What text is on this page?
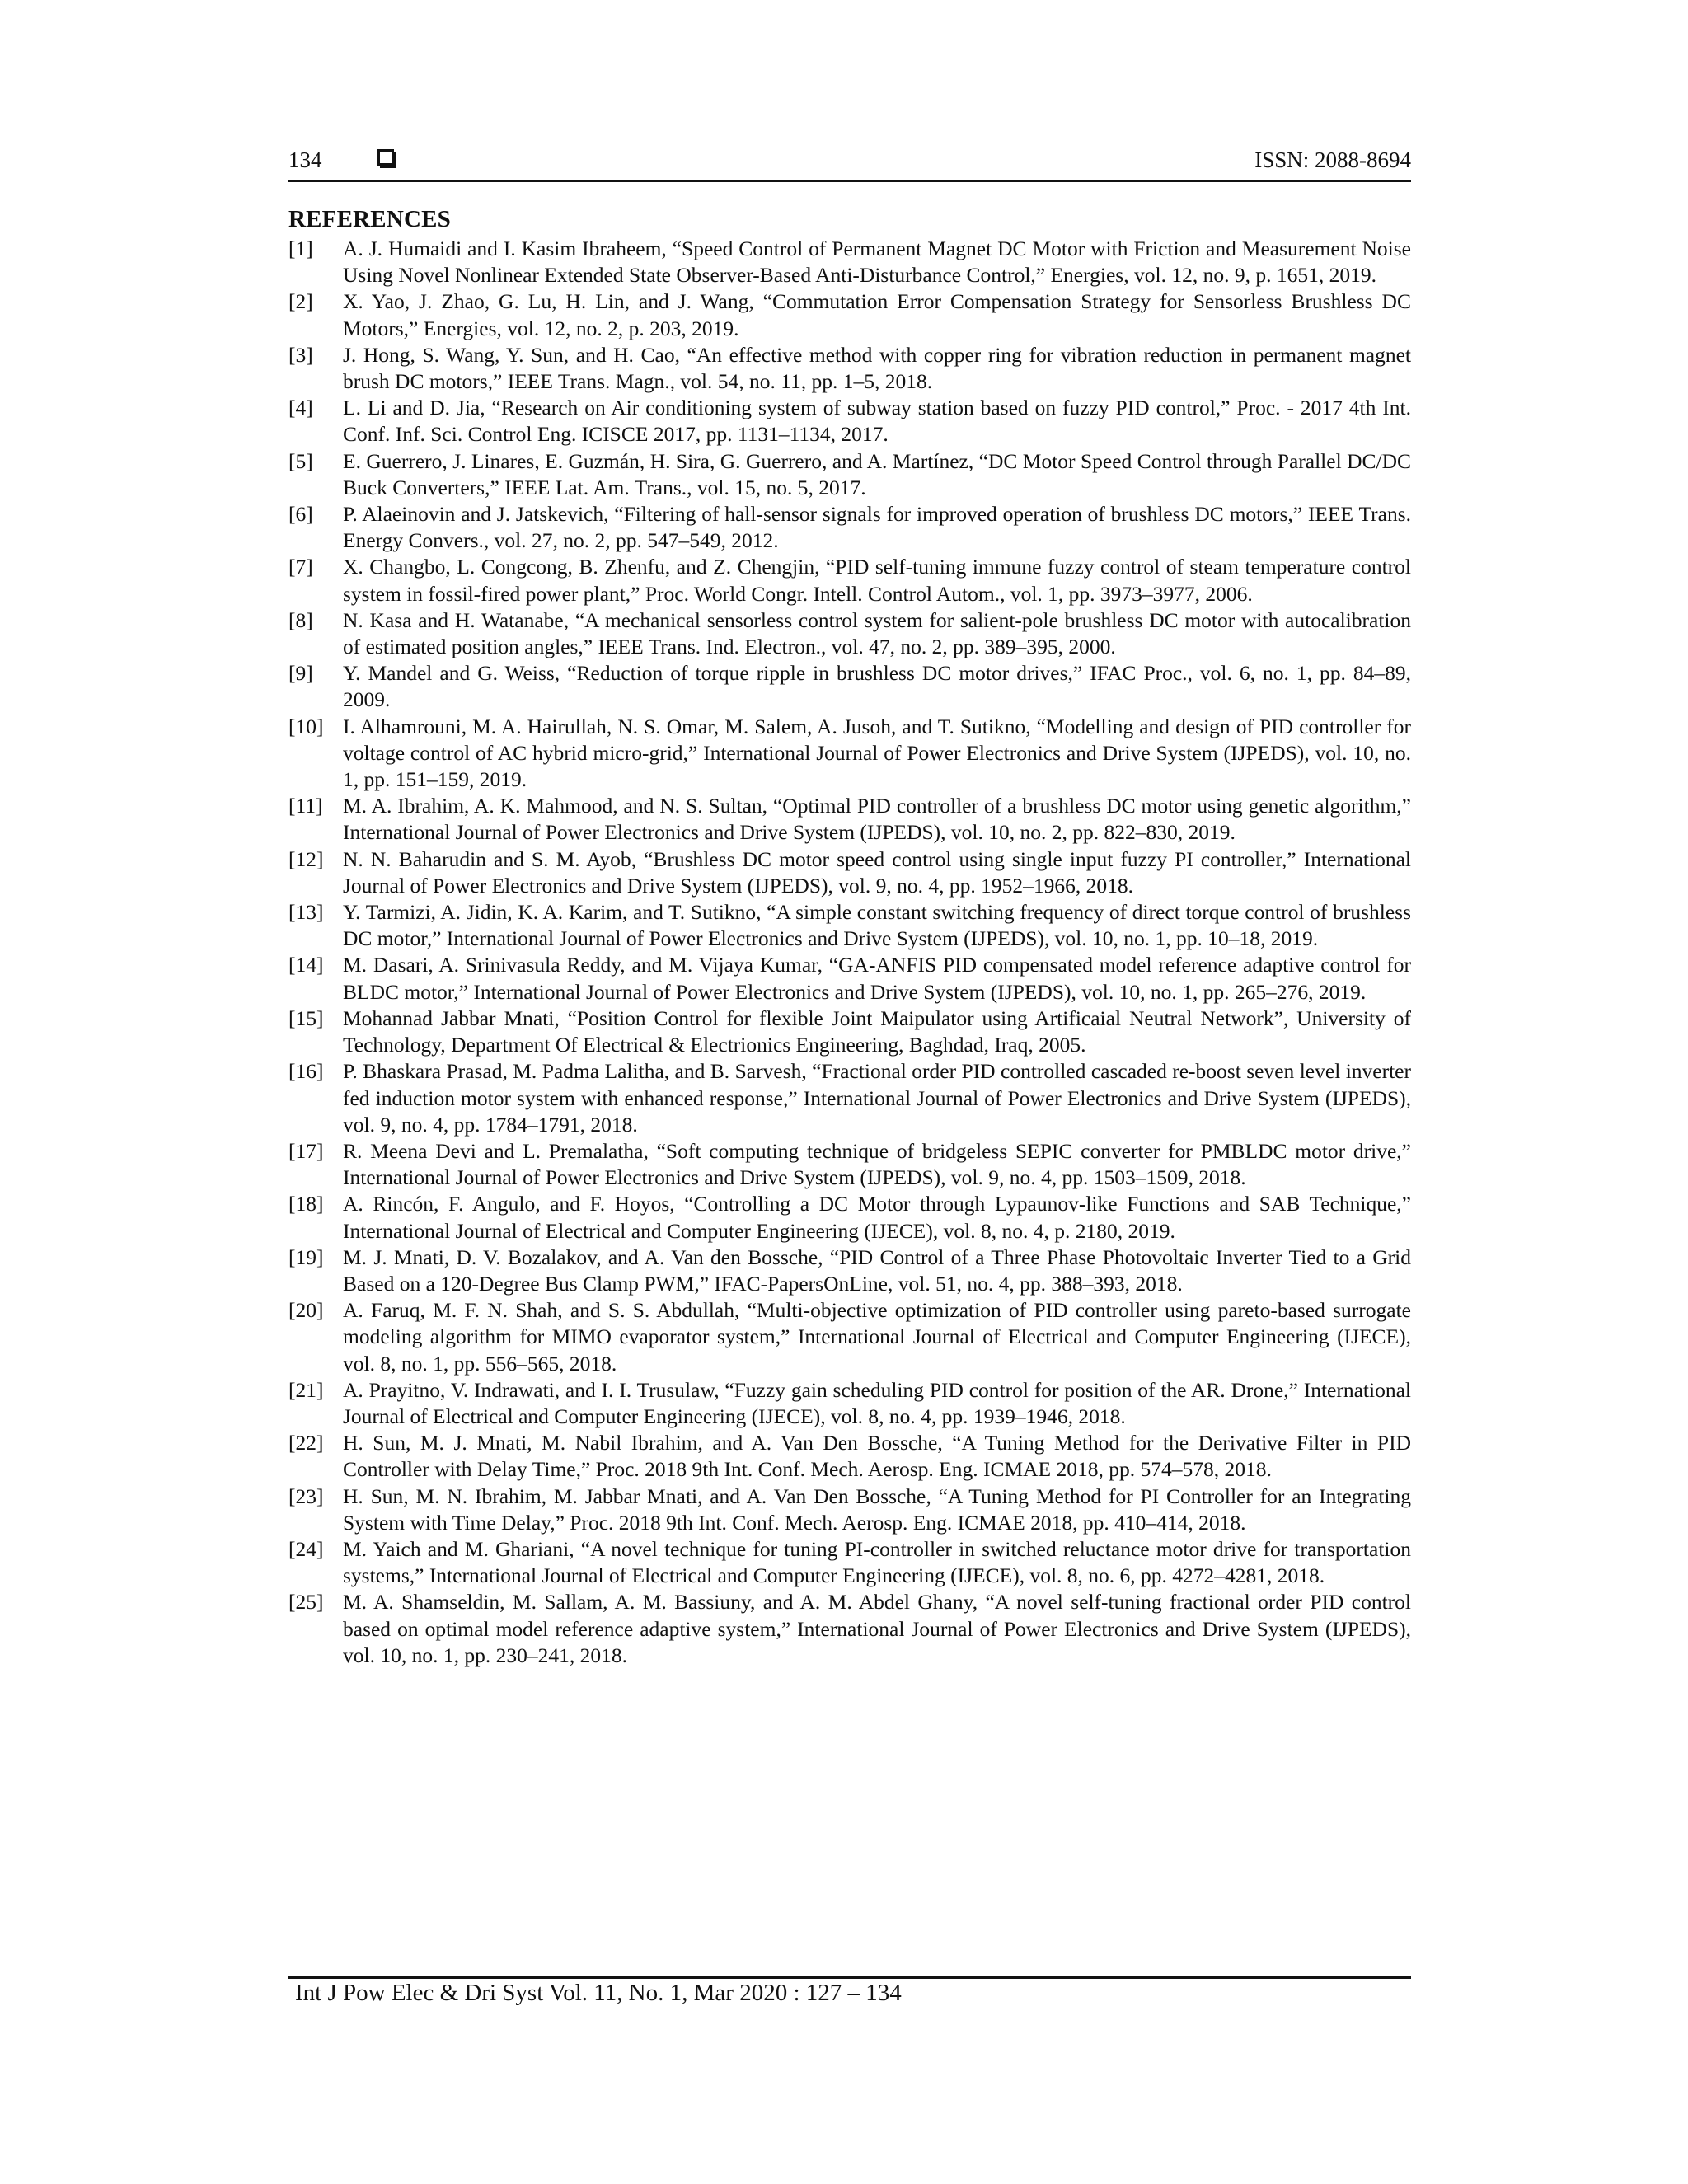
134	ISSN: 2088-8694
REFERENCES
[1] A. J. Humaidi and I. Kasim Ibraheem, “Speed Control of Permanent Magnet DC Motor with Friction and Measurement Noise Using Novel Nonlinear Extended State Observer-Based Anti-Disturbance Control,” Energies, vol. 12, no. 9, p. 1651, 2019.
[2] X. Yao, J. Zhao, G. Lu, H. Lin, and J. Wang, “Commutation Error Compensation Strategy for Sensorless Brushless DC Motors,” Energies, vol. 12, no. 2, p. 203, 2019.
[3] J. Hong, S. Wang, Y. Sun, and H. Cao, “An effective method with copper ring for vibration reduction in permanent magnet brush DC motors,” IEEE Trans. Magn., vol. 54, no. 11, pp. 1–5, 2018.
[4] L. Li and D. Jia, “Research on Air conditioning system of subway station based on fuzzy PID control,” Proc. - 2017 4th Int. Conf. Inf. Sci. Control Eng. ICISCE 2017, pp. 1131–1134, 2017.
[5] E. Guerrero, J. Linares, E. Guzmán, H. Sira, G. Guerrero, and A. Martínez, “DC Motor Speed Control through Parallel DC/DC Buck Converters,” IEEE Lat. Am. Trans., vol. 15, no. 5, 2017.
[6] P. Alaeinovin and J. Jatskevich, “Filtering of hall-sensor signals for improved operation of brushless DC motors,” IEEE Trans. Energy Convers., vol. 27, no. 2, pp. 547–549, 2012.
[7] X. Changbo, L. Congcong, B. Zhenfu, and Z. Chengjin, “PID self-tuning immune fuzzy control of steam temperature control system in fossil-fired power plant,” Proc. World Congr. Intell. Control Autom., vol. 1, pp. 3973–3977, 2006.
[8] N. Kasa and H. Watanabe, “A mechanical sensorless control system for salient-pole brushless DC motor with autocalibration of estimated position angles,” IEEE Trans. Ind. Electron., vol. 47, no. 2, pp. 389–395, 2000.
[9] Y. Mandel and G. Weiss, “Reduction of torque ripple in brushless DC motor drives,” IFAC Proc., vol. 6, no. 1, pp. 84–89, 2009.
[10] I. Alhamrouni, M. A. Hairullah, N. S. Omar, M. Salem, A. Jusoh, and T. Sutikno, “Modelling and design of PID controller for voltage control of AC hybrid micro-grid,” International Journal of Power Electronics and Drive System (IJPEDS), vol. 10, no. 1, pp. 151–159, 2019.
[11] M. A. Ibrahim, A. K. Mahmood, and N. S. Sultan, “Optimal PID controller of a brushless DC motor using genetic algorithm,” International Journal of Power Electronics and Drive System (IJPEDS), vol. 10, no. 2, pp. 822–830, 2019.
[12] N. N. Baharudin and S. M. Ayob, “Brushless DC motor speed control using single input fuzzy PI controller,” International Journal of Power Electronics and Drive System (IJPEDS), vol. 9, no. 4, pp. 1952–1966, 2018.
[13] Y. Tarmizi, A. Jidin, K. A. Karim, and T. Sutikno, “A simple constant switching frequency of direct torque control of brushless DC motor,” International Journal of Power Electronics and Drive System (IJPEDS), vol. 10, no. 1, pp. 10–18, 2019.
[14] M. Dasari, A. Srinivasula Reddy, and M. Vijaya Kumar, “GA-ANFIS PID compensated model reference adaptive control for BLDC motor,” International Journal of Power Electronics and Drive System (IJPEDS), vol. 10, no. 1, pp. 265–276, 2019.
[15] Mohannad Jabbar Mnati, “Position Control for flexible Joint Maipulator using Artificaial Neutral Network”, University of Technology, Department Of Electrical & Electrionics Engineering, Baghdad, Iraq, 2005.
[16] P. Bhaskara Prasad, M. Padma Lalitha, and B. Sarvesh, “Fractional order PID controlled cascaded re-boost seven level inverter fed induction motor system with enhanced response,” International Journal of Power Electronics and Drive System (IJPEDS), vol. 9, no. 4, pp. 1784–1791, 2018.
[17] R. Meena Devi and L. Premalatha, “Soft computing technique of bridgeless SEPIC converter for PMBLDC motor drive,” International Journal of Power Electronics and Drive System (IJPEDS), vol. 9, no. 4, pp. 1503–1509, 2018.
[18] A. Rincón, F. Angulo, and F. Hoyos, “Controlling a DC Motor through Lypaunov-like Functions and SAB Technique,” International Journal of Electrical and Computer Engineering (IJECE), vol. 8, no. 4, p. 2180, 2019.
[19] M. J. Mnati, D. V. Bozalakov, and A. Van den Bossche, “PID Control of a Three Phase Photovoltaic Inverter Tied to a Grid Based on a 120-Degree Bus Clamp PWM,” IFAC-PapersOnLine, vol. 51, no. 4, pp. 388–393, 2018.
[20] A. Faruq, M. F. N. Shah, and S. S. Abdullah, “Multi-objective optimization of PID controller using pareto-based surrogate modeling algorithm for MIMO evaporator system,” International Journal of Electrical and Computer Engineering (IJECE), vol. 8, no. 1, pp. 556–565, 2018.
[21] A. Prayitno, V. Indrawati, and I. I. Trusulaw, “Fuzzy gain scheduling PID control for position of the AR. Drone,” International Journal of Electrical and Computer Engineering (IJECE), vol. 8, no. 4, pp. 1939–1946, 2018.
[22] H. Sun, M. J. Mnati, M. Nabil Ibrahim, and A. Van Den Bossche, “A Tuning Method for the Derivative Filter in PID Controller with Delay Time,” Proc. 2018 9th Int. Conf. Mech. Aerosp. Eng. ICMAE 2018, pp. 574–578, 2018.
[23] H. Sun, M. N. Ibrahim, M. Jabbar Mnati, and A. Van Den Bossche, “A Tuning Method for PI Controller for an Integrating System with Time Delay,” Proc. 2018 9th Int. Conf. Mech. Aerosp. Eng. ICMAE 2018, pp. 410–414, 2018.
[24] M. Yaich and M. Ghariani, “A novel technique for tuning PI-controller in switched reluctance motor drive for transportation systems,” International Journal of Electrical and Computer Engineering (IJECE), vol. 8, no. 6, pp. 4272–4281, 2018.
[25] M. A. Shamseldin, M. Sallam, A. M. Bassiuny, and A. M. Abdel Ghany, “A novel self-tuning fractional order PID control based on optimal model reference adaptive system,” International Journal of Power Electronics and Drive System (IJPEDS), vol. 10, no. 1, pp. 230–241, 2018.
Int J Pow Elec & Dri Syst Vol. 11, No. 1, Mar 2020 : 127 – 134
